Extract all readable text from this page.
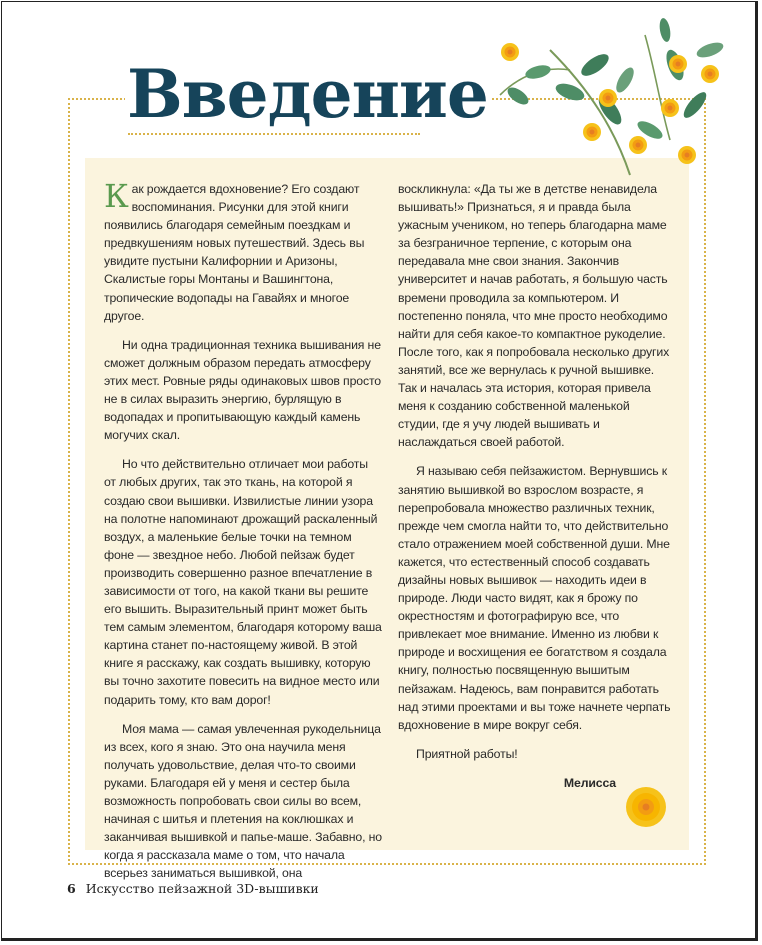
Введение

Как рождается вдохновение? Его создают воспоминания. Рисунки для этой книги появились благодаря семейным поездкам и предвкушениям новых путешествий. Здесь вы увидите пустыни Калифорнии и Аризоны, Скалистые горы Монтаны и Вашингтона, тропические водопады на Гавайях и многое другое.

Ни одна традиционная техника вышивания не сможет должным образом передать атмосферу этих мест. Ровные ряды одинаковых швов просто не в силах выразить энергию, бурлящую в водопадах и пропитывающую каждый камень могучих скал.

Но что действительно отличает мои работы от любых других, так это ткань, на которой я создаю свои вышивки. Извилистые линии узора на полотне напоминают дрожащий раскаленный воздух, а маленькие белые точки на темном фоне — звездное небо. Любой пейзаж будет производить совершенно разное впечатление в зависимости от того, на какой ткани вы решите его вышить. Выразительный принт может быть тем самым элементом, благодаря которому ваша картина станет по-настоящему живой. В этой книге я расскажу, как создать вышивку, которую вы точно захотите повесить на видное место или подарить тому, кто вам дорог!

Моя мама — самая увлеченная рукодельница из всех, кого я знаю. Это она научила меня получать удовольствие, делая что-то своими руками. Благодаря ей у меня и сестер была возможность попробовать свои силы во всем, начиная с шитья и плетения на коклюшках и заканчивая вышивкой и папье-маше. Забавно, но когда я рассказала маме о том, что начала всерьез заниматься вышивкой, она

воскликнула: «Да ты же в детстве ненавидела вышивать!» Признаться, я и правда была ужасным учеником, но теперь благодарна маме за безграничное терпение, с которым она передавала мне свои знания. Закончив университет и начав работать, я большую часть времени проводила за компьютером. И постепенно поняла, что мне просто необходимо найти для себя какое-то компактное рукоделие. После того, как я попробовала несколько других занятий, все же вернулась к ручной вышивке. Так и началась эта история, которая привела меня к созданию собственной маленькой студии, где я учу людей вышивать и наслаждаться своей работой.

Я называю себя пейзажистом. Вернувшись к занятию вышивкой во взрослом возрасте, я перепробовала множество различных техник, прежде чем смогла найти то, что действительно стало отражением моей собственной души. Мне кажется, что естественный способ создавать дизайны новых вышивок — находить идеи в природе. Люди часто видят, как я брожу по окрестностям и фотографирую все, что привлекает мое внимание. Именно из любви к природе и восхищения ее богатством я создала книгу, полностью посвященную вышитым пейзажам. Надеюсь, вам понравится работать над этими проектами и вы тоже начнете черпать вдохновение в мире вокруг себя.

Приятной работы!

Мелисса

6 Искусство пейзажной 3D-вышивки
